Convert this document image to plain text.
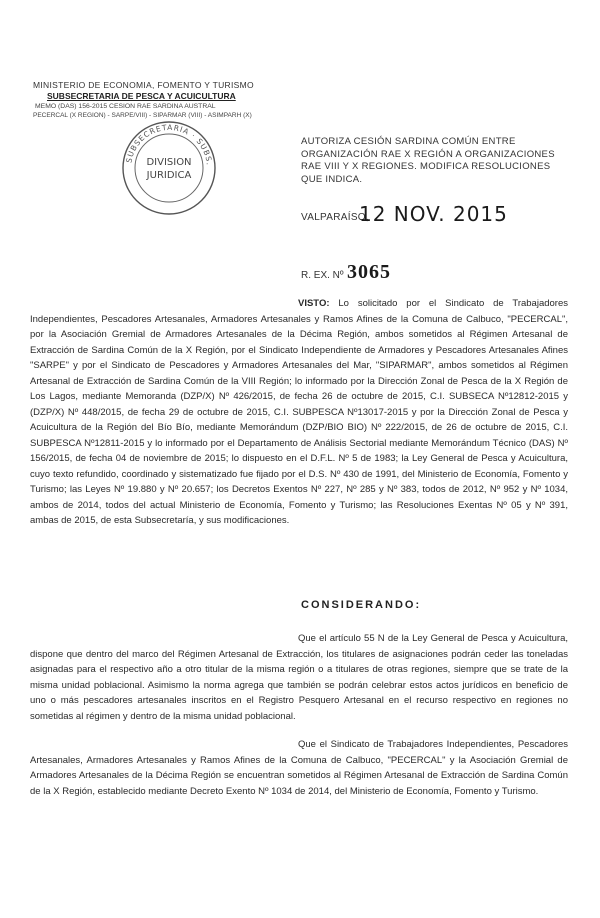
MINISTERIO DE ECONOMIA, FOMENTO Y TURISMO
SUBSECRETARIA DE PESCA Y ACUICULTURA
MEMO (DAS) 156-2015 CESION RAE SARDINA AUSTRAL
PECERCAL (X REGION) - SARPE/VIII) - SIPARMAR (VIII) - ASIMPARH (X)
SUBSECRETARIA · SUBS.
DIVISION
JURIDICA
AUTORIZA CESIÓN SARDINA COMÚN ENTRE ORGANIZACIÓN RAE X REGIÓN A ORGANIZACIONES RAE VIII Y X REGIONES. MODIFICA RESOLUCIONES QUE INDICA.
VALPARAÍSO,
12 NOV. 2015
R. EX. Nº 3065
VISTO: Lo solicitado por el Sindicato de Trabajadores Independientes, Pescadores Artesanales, Armadores Artesanales y Ramos Afines de la Comuna de Calbuco, "PECERCAL", por la Asociación Gremial de Armadores Artesanales de la Décima Región, ambos sometidos al Régimen Artesanal de Extracción de Sardina Común de la X Región, por el Sindicato Independiente de Armadores y Pescadores Artesanales Afines "SARPE" y por el Sindicato de Pescadores y Armadores Artesanales del Mar, "SIPARMAR", ambos sometidos al Régimen Artesanal de Extracción de Sardina Común de la VIII Región; lo informado por la Dirección Zonal de Pesca de la X Región de Los Lagos, mediante Memoranda (DZP/X) Nº 426/2015, de fecha 26 de octubre de 2015, C.I. SUBSECA Nº12812-2015 y (DZP/X) Nº 448/2015, de fecha 29 de octubre de 2015, C.I. SUBPESCA Nº13017-2015 y por la Dirección Zonal de Pesca y Acuicultura de la Región del Bío Bío, mediante Memorándum (DZP/BIO BIO) Nº 222/2015, de 26 de octubre de 2015, C.I. SUBPESCA Nº12811-2015 y lo informado por el Departamento de Análisis Sectorial mediante Memorándum Técnico (DAS) Nº 156/2015, de fecha 04 de noviembre de 2015; lo dispuesto en el D.F.L. Nº 5 de 1983; la Ley General de Pesca y Acuicultura, cuyo texto refundido, coordinado y sistematizado fue fijado por el D.S. Nº 430 de 1991, del Ministerio de Economía, Fomento y Turismo; las Leyes Nº 19.880 y Nº 20.657; los Decretos Exentos Nº 227, Nº 285 y Nº 383, todos de 2012, Nº 952 y Nº 1034, ambos de 2014, todos del actual Ministerio de Economía, Fomento y Turismo; las Resoluciones Exentas Nº 05 y Nº 391, ambas de 2015, de esta Subsecretaría, y sus modificaciones.
CONSIDERANDO:
Que el artículo 55 N de la Ley General de Pesca y Acuicultura, dispone que dentro del marco del Régimen Artesanal de Extracción, los titulares de asignaciones podrán ceder las toneladas asignadas para el respectivo año a otro titular de la misma región o a titulares de otras regiones, siempre que se trate de la misma unidad poblacional. Asimismo la norma agrega que también se podrán celebrar estos actos jurídicos en beneficio de uno o más pescadores artesanales inscritos en el Registro Pesquero Artesanal en el recurso respectivo en regiones no sometidas al régimen y dentro de la misma unidad poblacional.
Que el Sindicato de Trabajadores Independientes, Pescadores Artesanales, Armadores Artesanales y Ramos Afines de la Comuna de Calbuco, "PECERCAL" y la Asociación Gremial de Armadores Artesanales de la Décima Región se encuentran sometidos al Régimen Artesanal de Extracción de Sardina Común de la X Región, establecido mediante Decreto Exento Nº 1034 de 2014, del Ministerio de Economía, Fomento y Turismo.
